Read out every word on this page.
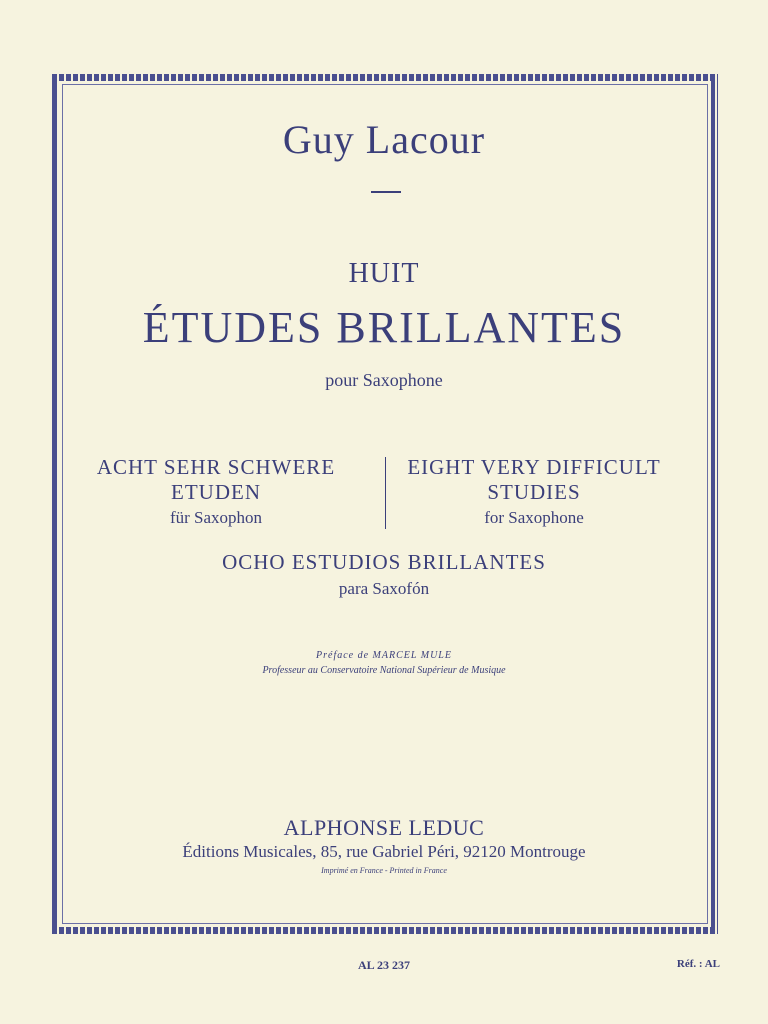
Guy Lacour

HUIT

ÉTUDES BRILLANTES

pour Saxophone

ACHT SEHR SCHWERE
ETUDEN
für Saxophon
EIGHT VERY DIFFICULT
STUDIES
for Saxophone

OCHO ESTUDIOS BRILLANTES

para Saxofón

Préface de MARCEL MULE

Professeur au Conservatoire National Supérieur de Musique

ALPHONSE LEDUC

Éditions Musicales, 85, rue Gabriel Péri, 92120 Montrouge

Imprimé en France - Printed in France

AL 23 237	Réf. : AL
